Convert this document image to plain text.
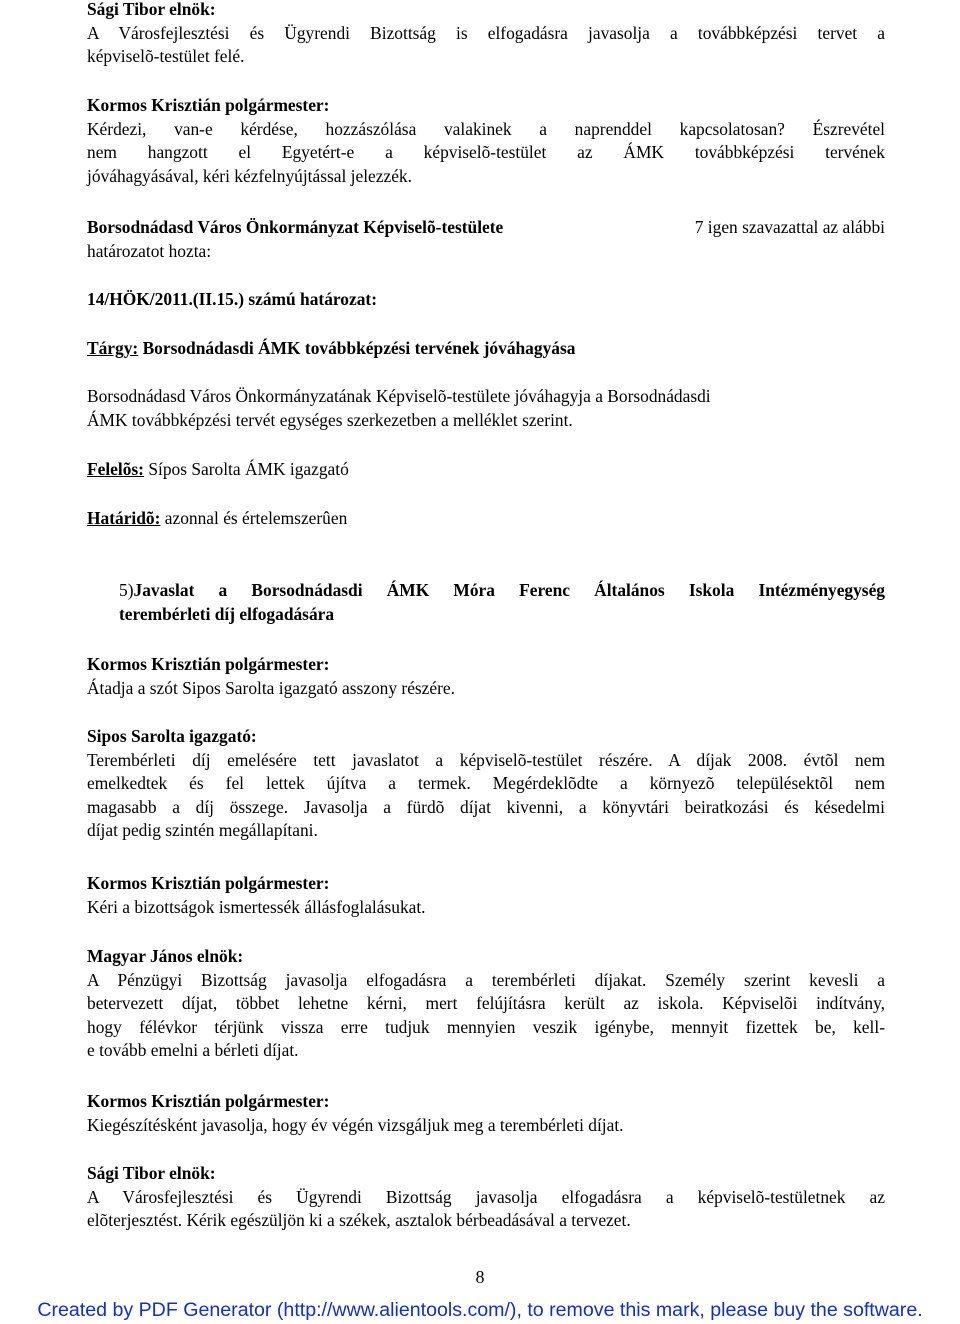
Sági Tibor elnök:
A Városfejlesztési és Ügyrendi Bizottság is elfogadásra javasolja a továbbképzési tervet a
képviselõ-testület felé.
Kormos Krisztián polgármester:
Kérdezi, van-e kérdése, hozzászólása valakinek a naprenddel kapcsolatosan? Észrevétel
nem hangzott el Egyetért-e a képviselõ-testület az ÁMK továbbképzési tervének
jóváhagyásával, kéri kézfelnyújtással jelezzék.
Borsodnádasd Város Önkormányzat Képviselõ-testülete	7 igen szavazattal az alábbi
határozatot hozta:
14/HÖK/2011.(II.15.) számú határozat:
Tárgy: Borsodnádasdi ÁMK továbbképzési tervének jóváhagyása
Borsodnádasd Város Önkormányzatának Képviselõ-testülete jóváhagyja a Borsodnádasdi
ÁMK továbbképzési tervét egységes szerkezetben a melléklet szerint.
Felelõs: Sípos Sarolta ÁMK igazgató
Határidõ: azonnal és értelemszerûen
5)Javaslat a Borsodnádasdi ÁMK Móra Ferenc Általános Iskola Intézményegység
terembérleti díj elfogadására
Kormos Krisztián polgármester:
Átadja a szót Sipos Sarolta igazgató asszony részére.
Sipos Sarolta igazgató:
Terembérleti díj emelésére tett javaslatot a képviselõ-testület részére. A díjak 2008. évtõl nem
emelkedtek és fel lettek újítva a termek. Megérdeklõdte a környezõ településektõl nem
magasabb a díj összege. Javasolja a fürdõ díjat kivenni, a könyvtári beiratkozási és késedelmi
díjat pedig szintén megállapítani.
Kormos Krisztián polgármester:
Kéri a bizottságok ismertessék állásfoglalásukat.
Magyar János elnök:
A Pénzügyi Bizottság javasolja elfogadásra a terembérleti díjakat. Személy szerint kevesli a
betervezett díjat, többet lehetne kérni, mert felújításra került az iskola. Képviselõi indítvány,
hogy félévkor térjünk vissza erre tudjuk mennyien veszik igénybe, mennyit fizettek be, kell-
e tovább emelni a bérleti díjat.
Kormos Krisztián polgármester:
Kiegészítésként javasolja, hogy év végén vizsgáljuk meg a terembérleti díjat.
Sági Tibor elnök:
A Városfejlesztési és Ügyrendi Bizottság javasolja elfogadásra a képviselõ-testületnek az
elõterjesztést. Kérik egészüljön ki a székek, asztalok bérbeadásával a tervezet.
8
Created by PDF Generator (http://www.alientools.com/), to remove this mark, please buy the software.
